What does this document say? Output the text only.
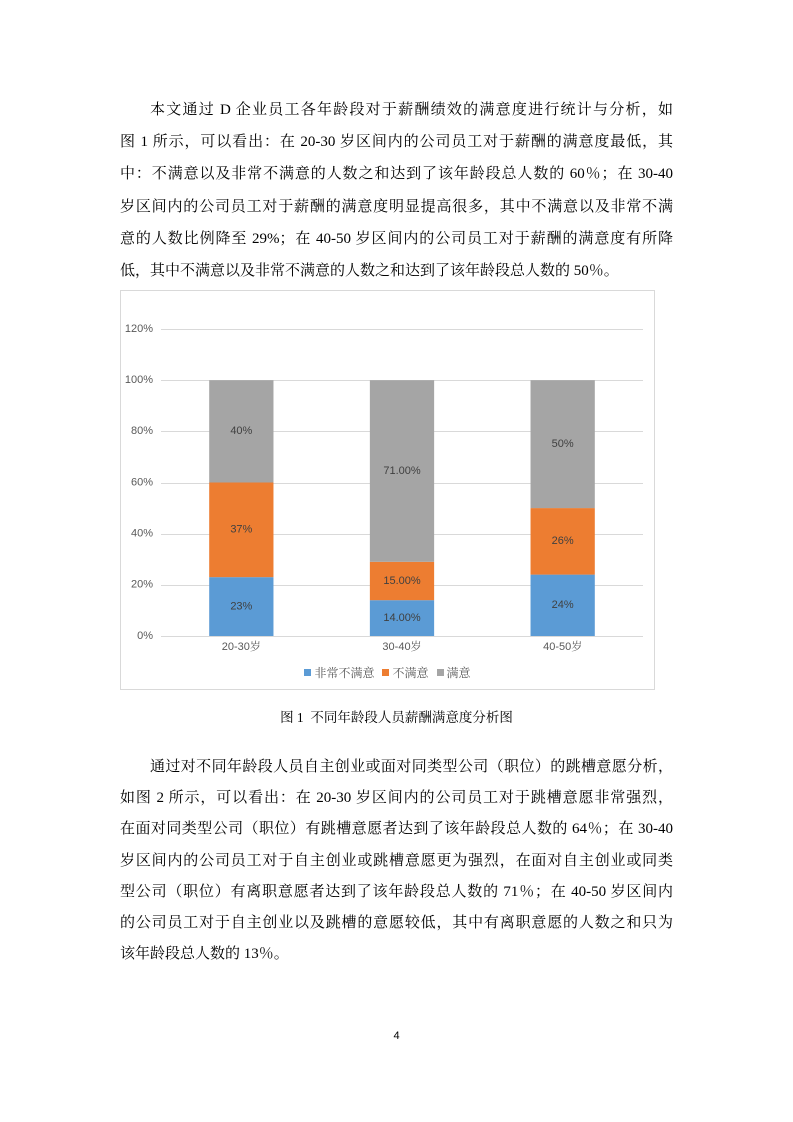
本文通过 D 企业员工各年龄段对于薪酬绩效的满意度进行统计与分析，如
图 1 所示，可以看出：在 20-30 岁区间内的公司员工对于薪酬的满意度最低，其
中：不满意以及非常不满意的人数之和达到了该年龄段总人数的 60％；在 30-40
岁区间内的公司员工对于薪酬的满意度明显提高很多，其中不满意以及非常不满
意的人数比例降至 29%；在 40-50 岁区间内的公司员工对于薪酬的满意度有所降
低，其中不满意以及非常不满意的人数之和达到了该年龄段总人数的 50％。
0%
20%
40%
60%
80%
100%
120%
23%
37%
40%
14.00%
15.00%
71.00%
24%
26%
50%
20-30岁	30-40岁	40-50岁
非常不满意 不满意 满意
图 1  不同年龄段人员薪酬满意度分析图
通过对不同年龄段人员自主创业或面对同类型公司（职位）的跳槽意愿分析，
如图 2 所示，可以看出：在 20-30 岁区间内的公司员工对于跳槽意愿非常强烈，
在面对同类型公司（职位）有跳槽意愿者达到了该年龄段总人数的 64％；在 30-40
岁区间内的公司员工对于自主创业或跳槽意愿更为强烈，在面对自主创业或同类
型公司（职位）有离职意愿者达到了该年龄段总人数的 71％；在 40-50 岁区间内
的公司员工对于自主创业以及跳槽的意愿较低，其中有离职意愿的人数之和只为
该年龄段总人数的 13％。
4
